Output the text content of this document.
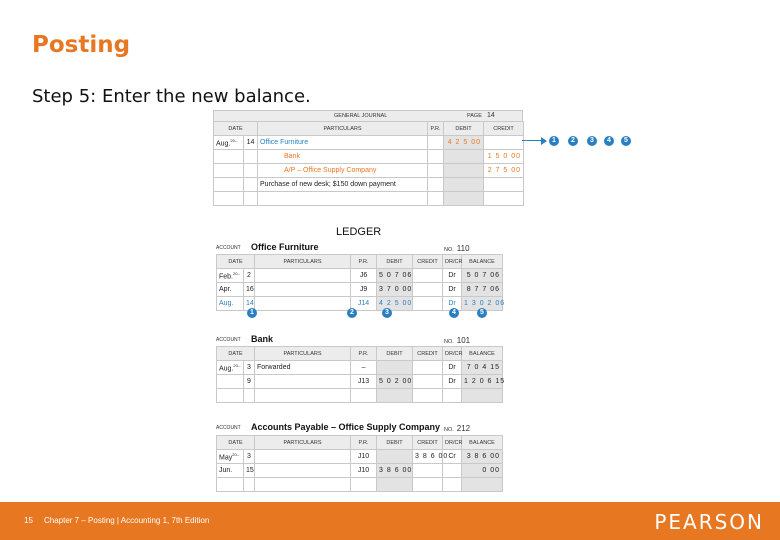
Posting
Step 5: Enter the new balance.
GENERAL JOURNAL	PAGE 14
DATE		PARTICULARS	P.R.	DEBIT	CREDIT
Aug.$^{20--}$	14	Office Furniture		4 2 5 00	
		Bank			1 5 0 00
		A/P – Office Supply Company			2 7 5 00
		Purchase of new desk; $150 down payment			

1	2	3	4	5
LEDGER
ACCOUNT Office Furniture	NO. 110
DATE		PARTICULARS	P.R.	DEBIT	CREDIT	DR/CR	BALANCE
Feb.$^{20--}$	2		J6	5 0 7 06		Dr	5 0 7 06
Apr.	16		J9	3 7 0 00		Dr	8 7 7 06
Aug.	14		J14	4 2 5 00		Dr	1 3 0 2 06
1	2	3	4	5
ACCOUNT Bank	NO. 101
DATE		PARTICULARS	P.R.	DEBIT	CREDIT	DR/CR	BALANCE
Aug.$^{20--}$	3	Forwarded	–			Dr	7 0 4 15
	9		J13	5 0 2 00		Dr	1 2 0 6 15

ACCOUNT Accounts Payable – Office Supply Company NO. 212
DATE		PARTICULARS	P.R.	DEBIT	CREDIT	DR/CR	BALANCE
May$^{20--}$	3		J10		3 8 6 00	Cr	3 8 6 00
Jun.	15		J10	3 8 6 00			0 00

15 Chapter 7 – Posting | Accounting 1, 7th Edition	PEARSON
